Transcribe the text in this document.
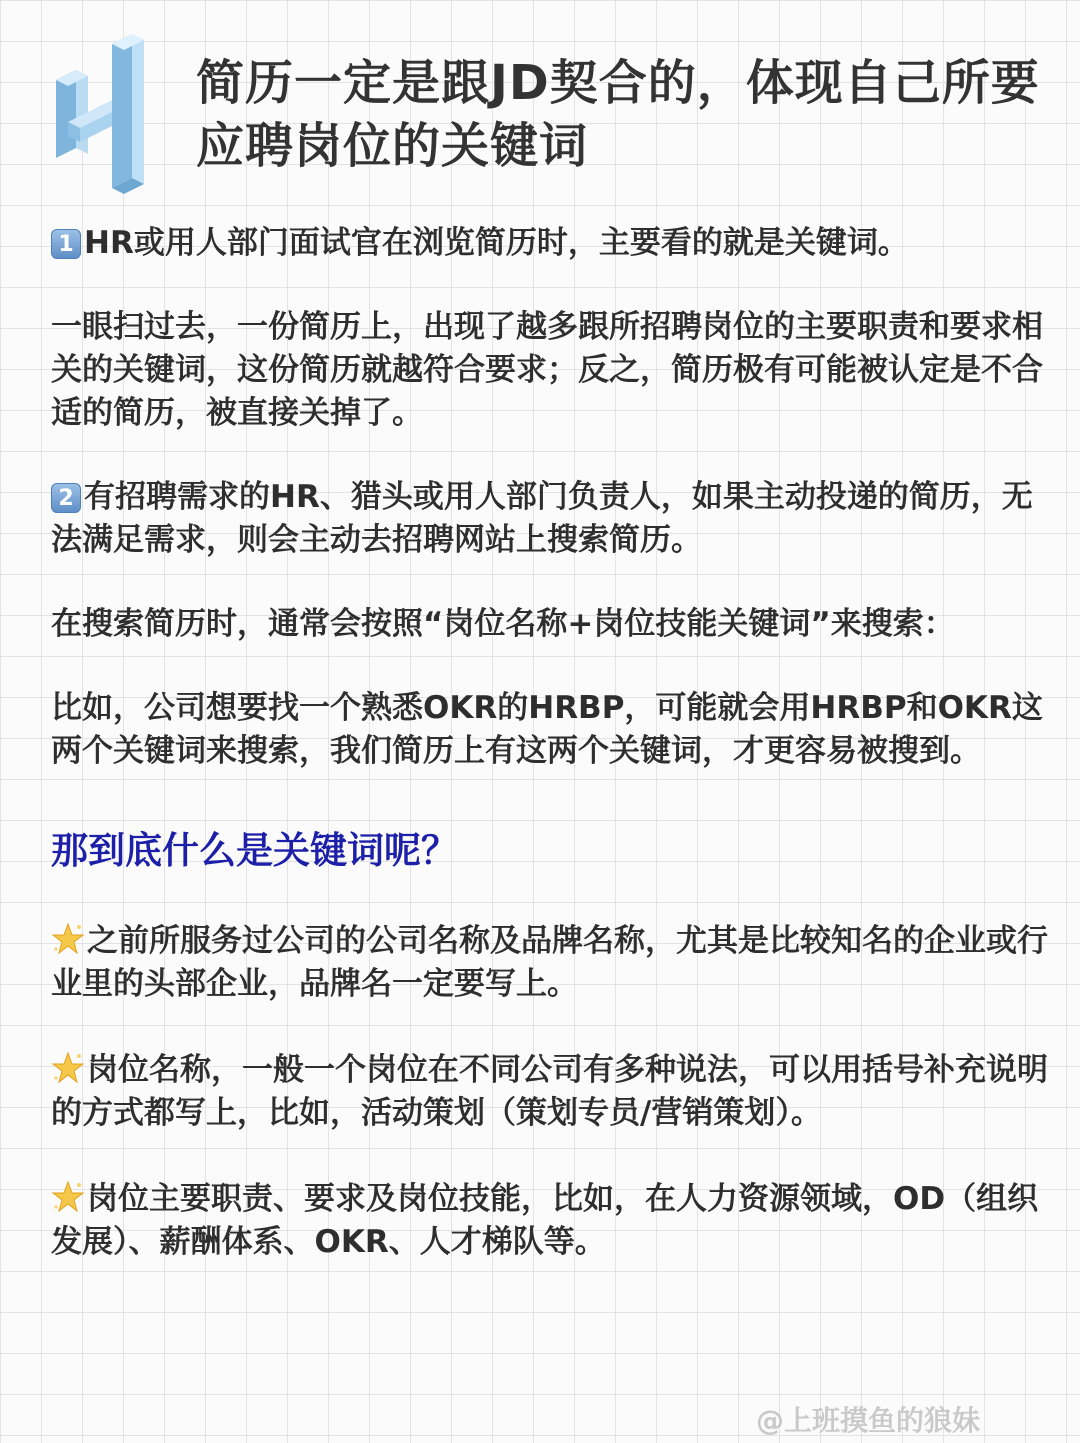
简历一定是跟JD契合的，体现自己所要应聘岗位的关键词

1 HR或用人部门面试官在浏览简历时，主要看的就是关键词。

一眼扫过去，一份简历上，出现了越多跟所招聘岗位的主要职责和要求相关的关键词，这份简历就越符合要求；反之，简历极有可能被认定是不合适的简历，被直接关掉了。

2 有招聘需求的HR、猎头或用人部门负责人，如果主动投递的简历，无法满足需求，则会主动去招聘网站上搜索简历。

在搜索简历时，通常会按照“岗位名称+岗位技能关键词”来搜索：

比如，公司想要找一个熟悉OKR的HRBP，可能就会用HRBP和OKR这两个关键词来搜索，我们简历上有这两个关键词，才更容易被搜到。

那到底什么是关键词呢？

之前所服务过公司的公司名称及品牌名称，尤其是比较知名的企业或行业里的头部企业，品牌名一定要写上。

岗位名称，一般一个岗位在不同公司有多种说法，可以用括号补充说明的方式都写上，比如，活动策划（策划专员/营销策划）。

岗位主要职责、要求及岗位技能，比如，在人力资源领域，OD（组织发展）、薪酬体系、OKR、人才梯队等。

@上班摸鱼的狼妹
